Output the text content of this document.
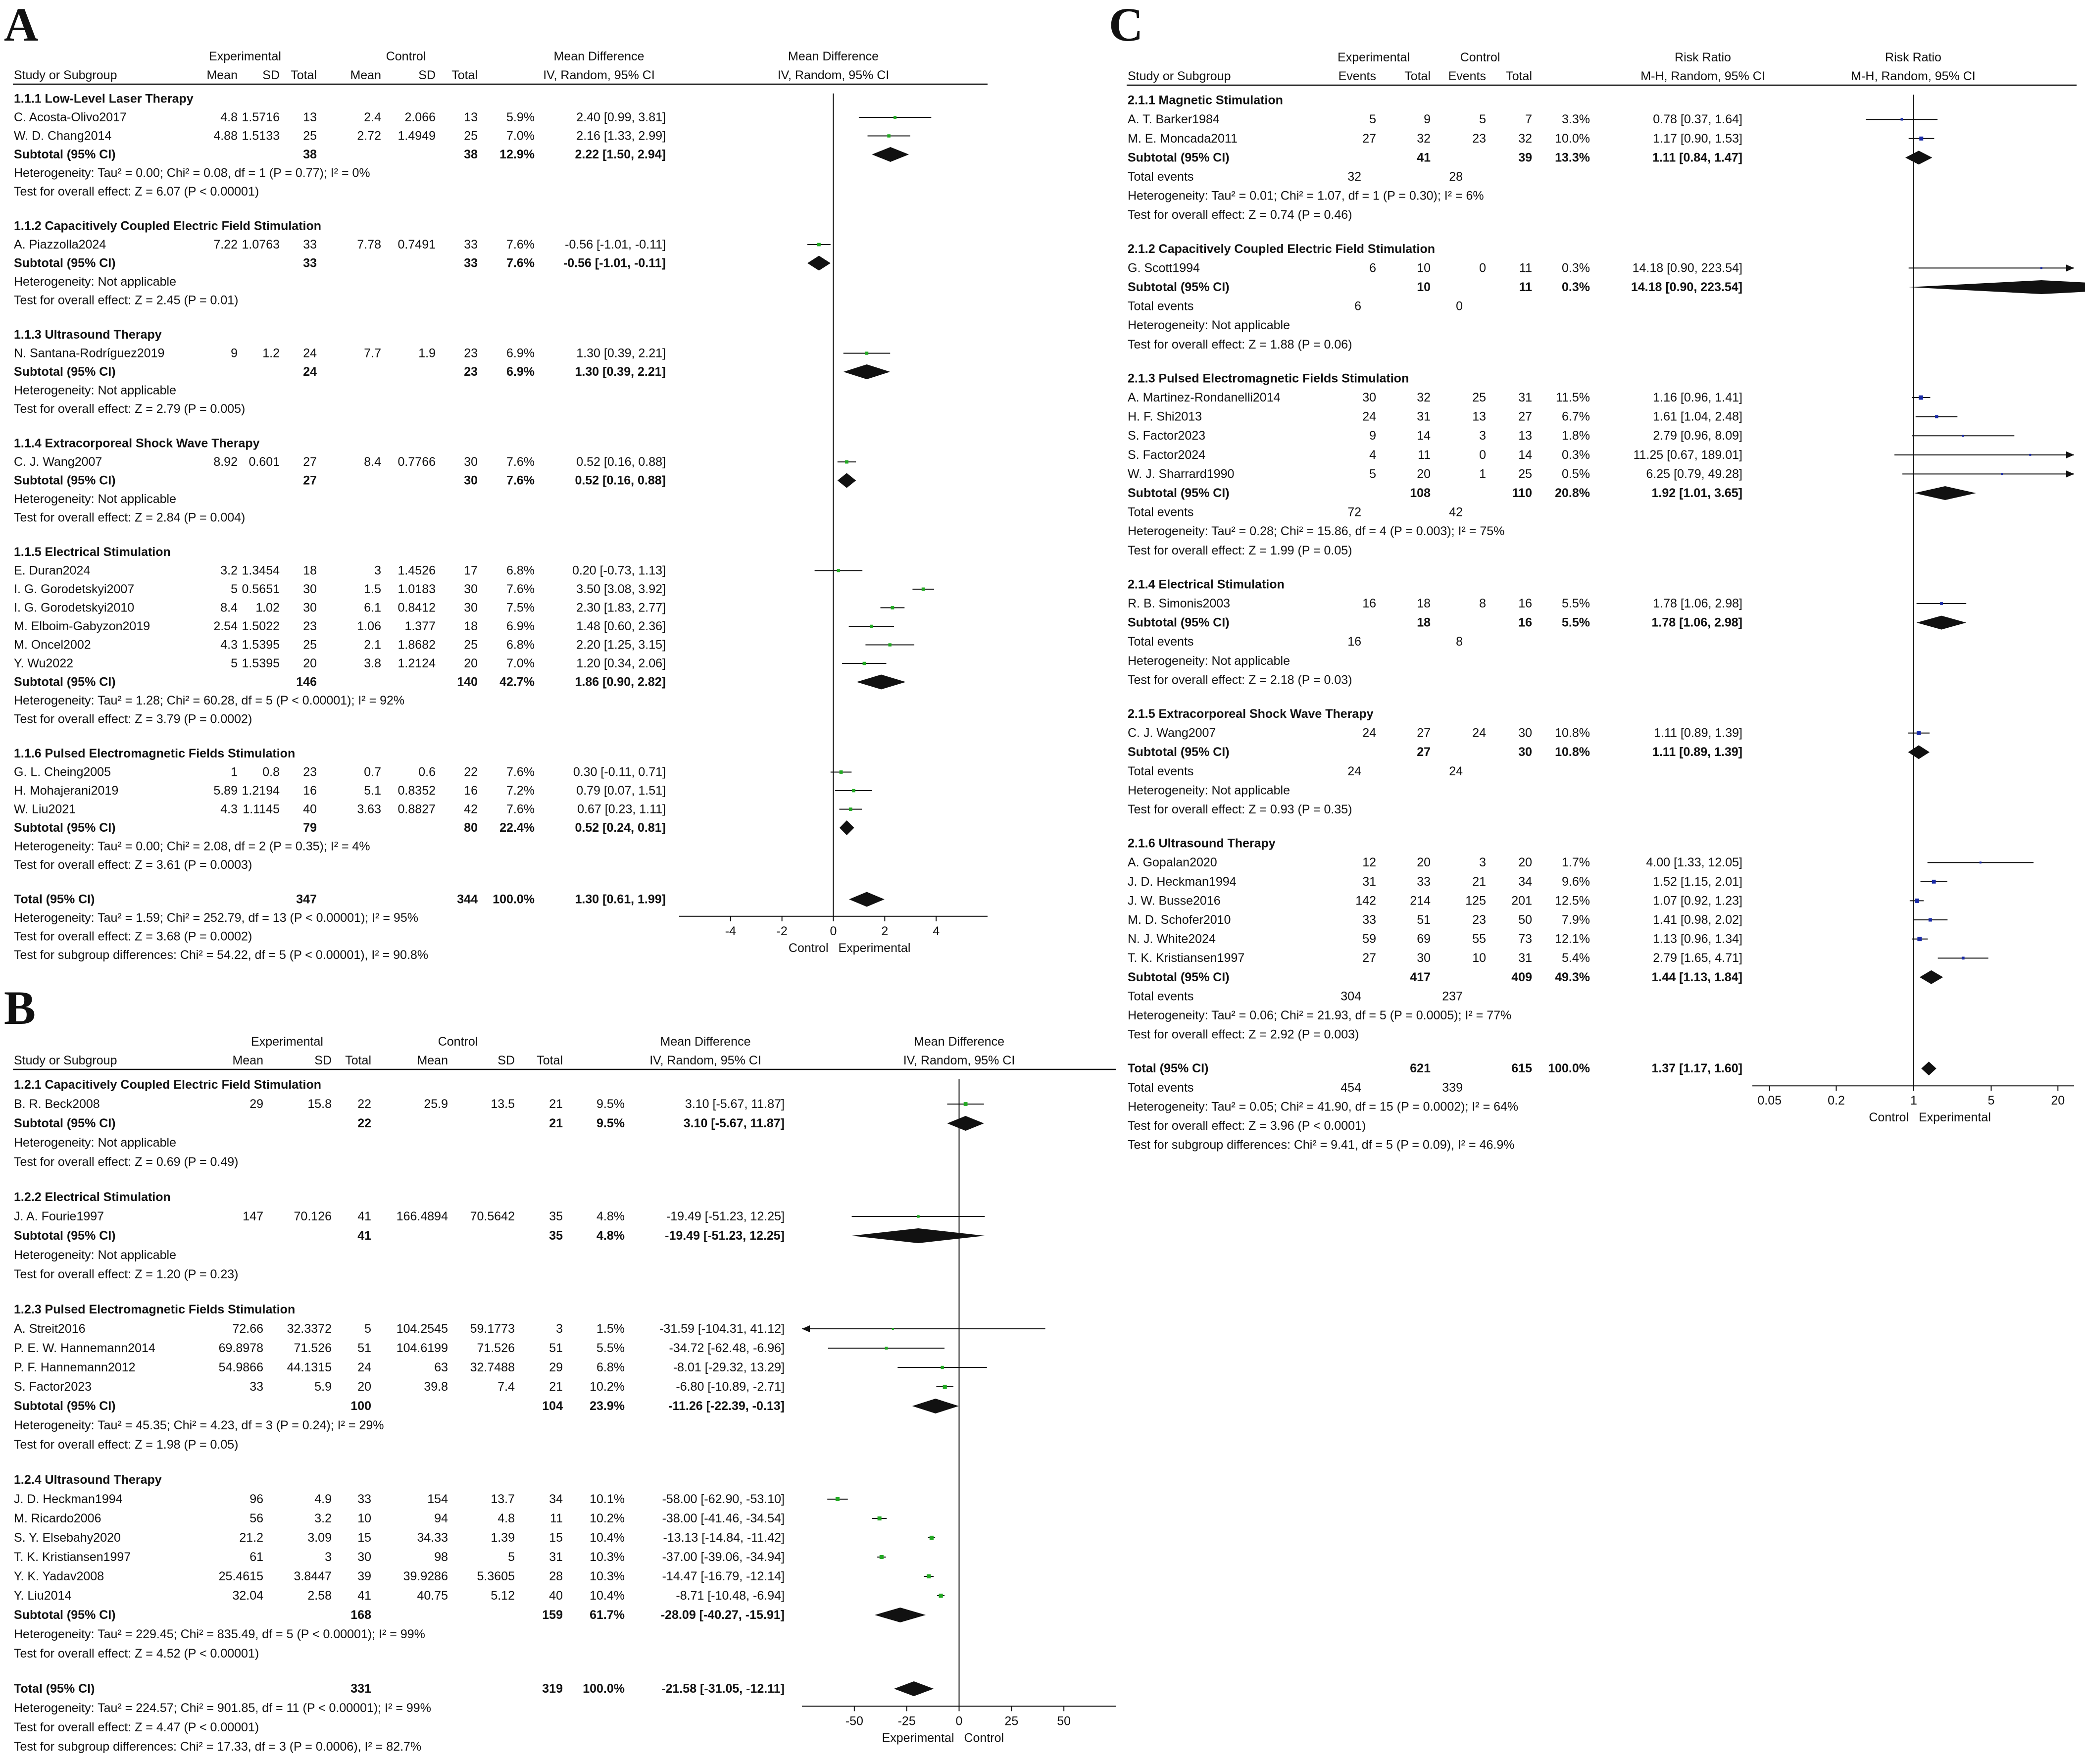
A
B
C
Experimental	Control	Mean Difference	Mean Difference
Study or Subgroup	Mean SD Total	Mean	SD Total	IV, Random, 95% CI	IV, Random, 95% CI
1.1.1 Low-Level Laser Therapy
C. Acosta-Olivo2017	4.8 1.5716 13	2.4 2.066 13 5.9%	2.40 [0.99, 3.81]
W. D. Chang2014	4.88 1.5133 25	2.72 1.4949 25 7.0%	2.16 [1.33, 2.99]
Subtotal (95% CI)	38	38 12.9%	2.22 [1.50, 2.94]
Heterogeneity: Tau² = 0.00; Chi² = 0.08, df = 1 (P = 0.77); I² = 0%
Test for overall effect: Z = 6.07 (P < 0.00001)
1.1.2 Capacitively Coupled Electric Field Stimulation
A. Piazzolla2024	7.22 1.0763 33	7.78 0.7491 33 7.6% -0.56 [-1.01, -0.11]
Subtotal (95% CI)	33	33 7.6% -0.56 [-1.01, -0.11]
Heterogeneity: Not applicable
Test for overall effect: Z = 2.45 (P = 0.01)
1.1.3 Ultrasound Therapy
N. Santana-Rodríguez2019	9 1.2 24	7.7	1.9 23 6.9%	1.30 [0.39, 2.21]
Subtotal (95% CI)	24	23 6.9%	1.30 [0.39, 2.21]
Heterogeneity: Not applicable
Test for overall effect: Z = 2.79 (P = 0.005)
1.1.4 Extracorporeal Shock Wave Therapy
C. J. Wang2007	8.92 0.601 27	8.4 0.7766 30 7.6%	0.52 [0.16, 0.88]
Subtotal (95% CI)	27	30 7.6%	0.52 [0.16, 0.88]
Heterogeneity: Not applicable
Test for overall effect: Z = 2.84 (P = 0.004)
1.1.5 Electrical Stimulation
E. Duran2024	3.2 1.3454 18	3 1.4526 17 6.8%	0.20 [-0.73, 1.13]
I. G. Gorodetskyi2007	5 0.5651 30	1.5 1.0183 30 7.6%	3.50 [3.08, 3.92]
I. G. Gorodetskyi2010	8.4 1.02 30	6.1 0.8412 30 7.5%	2.30 [1.83, 2.77]
M. Elboim-Gabyzon2019	2.54 1.5022 23	1.06 1.377 18 6.9%	1.48 [0.60, 2.36]
M. Oncel2002	4.3 1.5395 25	2.1 1.8682 25 6.8%	2.20 [1.25, 3.15]
Y. Wu2022	5 1.5395 20	3.8 1.2124 20 7.0%	1.20 [0.34, 2.06]
Subtotal (95% CI)	146	140 42.7%	1.86 [0.90, 2.82]
Heterogeneity: Tau² = 1.28; Chi² = 60.28, df = 5 (P < 0.00001); I² = 92%
Test for overall effect: Z = 3.79 (P = 0.0002)
1.1.6 Pulsed Electromagnetic Fields Stimulation
G. L. Cheing2005	1 0.8 23	0.7	0.6 22 7.6%	0.30 [-0.11, 0.71]
H. Mohajerani2019	5.89 1.2194 16	5.1 0.8352 16 7.2%	0.79 [0.07, 1.51]
W. Liu2021	4.3 1.1145 40	3.63 0.8827 42 7.6%	0.67 [0.23, 1.11]
Subtotal (95% CI)	79	80 22.4%	0.52 [0.24, 0.81]
Heterogeneity: Tau² = 0.00; Chi² = 2.08, df = 2 (P = 0.35); I² = 4%
Test for overall effect: Z = 3.61 (P = 0.0003)
Total (95% CI)	347	344 100.0%	1.30 [0.61, 1.99]
Heterogeneity: Tau² = 1.59; Chi² = 252.79, df = 13 (P < 0.00001); I² = 95%
Test for overall effect: Z = 3.68 (P = 0.0002)
Test for subgroup differences: Chi² = 54.22, df = 5 (P < 0.00001), I² = 90.8%
-4	-2	0	2	4
Control Experimental
Experimental	Control	Mean Difference	Mean Difference
Study or Subgroup	Mean	SD Total	Mean	SD Total	IV, Random, 95% CI	IV, Random, 95% CI
1.2.1 Capacitively Coupled Electric Field Stimulation
B. R. Beck2008	29	15.8 22	25.9	13.5	21	9.5%	3.10 [-5.67, 11.87]
Subtotal (95% CI)	22	21	9.5%	3.10 [-5.67, 11.87]
Heterogeneity: Not applicable
Test for overall effect: Z = 0.69 (P = 0.49)
1.2.2 Electrical Stimulation
J. A. Fourie1997	147 70.126 41 166.4894 70.5642	35	4.8%	-19.49 [-51.23, 12.25]
Subtotal (95% CI)	41	35	4.8%	-19.49 [-51.23, 12.25]
Heterogeneity: Not applicable
Test for overall effect: Z = 1.20 (P = 0.23)
1.2.3 Pulsed Electromagnetic Fields Stimulation
A. Streit2016	72.66 32.3372	5 104.2545 59.1773	3	1.5%	-31.59 [-104.31, 41.12]
P. E. W. Hannemann2014	69.8978 71.526 51 104.6199 71.526	51	5.5%	-34.72 [-62.48, -6.96]
P. F. Hannemann2012	54.9866 44.1315 24	63 32.7488	29	6.8%	-8.01 [-29.32, 13.29]
S. Factor2023	33	5.9 20	39.8	7.4	21 10.2%	-6.80 [-10.89, -2.71]
Subtotal (95% CI)	100	104 23.9%	-11.26 [-22.39, -0.13]
Heterogeneity: Tau² = 45.35; Chi² = 4.23, df = 3 (P = 0.24); I² = 29%
Test for overall effect: Z = 1.98 (P = 0.05)
1.2.4 Ultrasound Therapy
J. D. Heckman1994	96	4.9 33	154	13.7	34 10.1%	-58.00 [-62.90, -53.10]
M. Ricardo2006	56	3.2 10	94	4.8	11 10.2%	-38.00 [-41.46, -34.54]
S. Y. Elsebahy2020	21.2	3.09 15	34.33	1.39	15 10.4%	-13.13 [-14.84, -11.42]
T. K. Kristiansen1997	61	3 30	98	5	31 10.3%	-37.00 [-39.06, -34.94]
Y. K. Yadav2008	25.4615 3.8447 39	39.9286 5.3605	28 10.3%	-14.47 [-16.79, -12.14]
Y. Liu2014	32.04	2.58 41	40.75	5.12	40 10.4%	-8.71 [-10.48, -6.94]
Subtotal (95% CI)	168	159 61.7%	-28.09 [-40.27, -15.91]
Heterogeneity: Tau² = 229.45; Chi² = 835.49, df = 5 (P < 0.00001); I² = 99%
Test for overall effect: Z = 4.52 (P < 0.00001)
Total (95% CI)	331	319 100.0%	-21.58 [-31.05, -12.11]
Heterogeneity: Tau² = 224.57; Chi² = 901.85, df = 11 (P < 0.00001); I² = 99%
Test for overall effect: Z = 4.47 (P < 0.00001)
Test for subgroup differences: Chi² = 17.33, df = 3 (P = 0.0006), I² = 82.7%
-50	-25	0	25	50
Experimental Control
Experimental	Control	Risk Ratio	Risk Ratio
Study or Subgroup	Events Total Events Total	M-H, Random, 95% CI	M-H, Random, 95% CI
2.1.1 Magnetic Stimulation
A. T. Barker1984	5	9	5	7 3.3%	0.78 [0.37, 1.64]
M. E. Moncada2011	27	32	23	32 10.0%	1.17 [0.90, 1.53]
Subtotal (95% CI)	41	39 13.3%	1.11 [0.84, 1.47]
Total events	32	28
Heterogeneity: Tau² = 0.01; Chi² = 1.07, df = 1 (P = 0.30); I² = 6%
Test for overall effect: Z = 0.74 (P = 0.46)
2.1.2 Capacitively Coupled Electric Field Stimulation
G. Scott1994	6	10	0	11 0.3%	14.18 [0.90, 223.54]
Subtotal (95% CI)	10	11 0.3%	14.18 [0.90, 223.54]
Total events	6	0
Heterogeneity: Not applicable
Test for overall effect: Z = 1.88 (P = 0.06)
2.1.3 Pulsed Electromagnetic Fields Stimulation
A. Martinez-Rondanelli2014	30	32	25	31 11.5%	1.16 [0.96, 1.41]
H. F. Shi2013	24	31	13	27 6.7%	1.61 [1.04, 2.48]
S. Factor2023	9	14	3	13 1.8%	2.79 [0.96, 8.09]
S. Factor2024	4	11	0	14 0.3%	11.25 [0.67, 189.01]
W. J. Sharrard1990	5	20	1	25 0.5%	6.25 [0.79, 49.28]
Subtotal (95% CI)	108	110 20.8%	1.92 [1.01, 3.65]
Total events	72	42
Heterogeneity: Tau² = 0.28; Chi² = 15.86, df = 4 (P = 0.003); I² = 75%
Test for overall effect: Z = 1.99 (P = 0.05)
2.1.4 Electrical Stimulation
R. B. Simonis2003	16	18	8	16 5.5%	1.78 [1.06, 2.98]
Subtotal (95% CI)	18	16 5.5%	1.78 [1.06, 2.98]
Total events	16	8
Heterogeneity: Not applicable
Test for overall effect: Z = 2.18 (P = 0.03)
2.1.5 Extracorporeal Shock Wave Therapy
C. J. Wang2007	24	27	24	30 10.8%	1.11 [0.89, 1.39]
Subtotal (95% CI)	27	30 10.8%	1.11 [0.89, 1.39]
Total events	24	24
Heterogeneity: Not applicable
Test for overall effect: Z = 0.93 (P = 0.35)
2.1.6 Ultrasound Therapy
A. Gopalan2020	12	20	3	20 1.7%	4.00 [1.33, 12.05]
J. D. Heckman1994	31	33	21	34 9.6%	1.52 [1.15, 2.01]
J. W. Busse2016	142	214	125 201 12.5%	1.07 [0.92, 1.23]
M. D. Schofer2010	33	51	23	50 7.9%	1.41 [0.98, 2.02]
N. J. White2024	59	69	55	73 12.1%	1.13 [0.96, 1.34]
T. K. Kristiansen1997	27	30	10	31 5.4%	2.79 [1.65, 4.71]
Subtotal (95% CI)	417	409 49.3%	1.44 [1.13, 1.84]
Total events	304	237
Heterogeneity: Tau² = 0.06; Chi² = 21.93, df = 5 (P = 0.0005); I² = 77%
Test for overall effect: Z = 2.92 (P = 0.003)
Total (95% CI)	621	615 100.0%	1.37 [1.17, 1.60]
Total events	454	339
Heterogeneity: Tau² = 0.05; Chi² = 41.90, df = 15 (P = 0.0002); I² = 64%
Test for overall effect: Z = 3.96 (P < 0.0001)
Test for subgroup differences: Chi² = 9.41, df = 5 (P = 0.09), I² = 46.9%
0.05	0.2	1	5	20
Control Experimental
